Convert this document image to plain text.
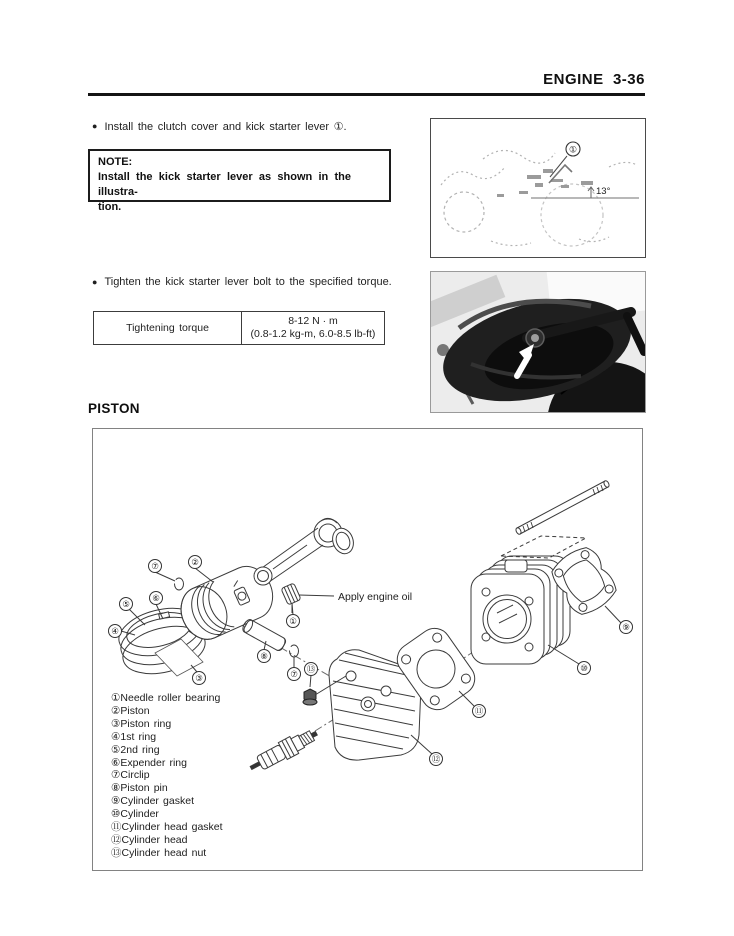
ENGINE  3-36
● Install the clutch cover and kick starter lever ①.
NOTE:
Install the kick starter lever as shown in the illustra-
tion.
①
13°
● Tighten the kick starter lever bolt to the specified torque.
Tightening torque
8-12 N · m
(0.8-1.2 kg-m, 6.0-8.5 lb-ft)
PISTON
Apply engine oil
⑦	②
⑥
⑤
④
③
①
⑧
⑦ ⑬
⑫
⑪
⑩
⑨
①Needle roller bearing
②Piston
③Piston ring
④1st ring
⑤2nd ring
⑥Expender ring
⑦Circlip
⑧Piston pin
⑨Cylinder gasket
⑩Cylinder
⑪Cylinder head gasket
⑫Cylinder head
⑬Cylinder head nut
